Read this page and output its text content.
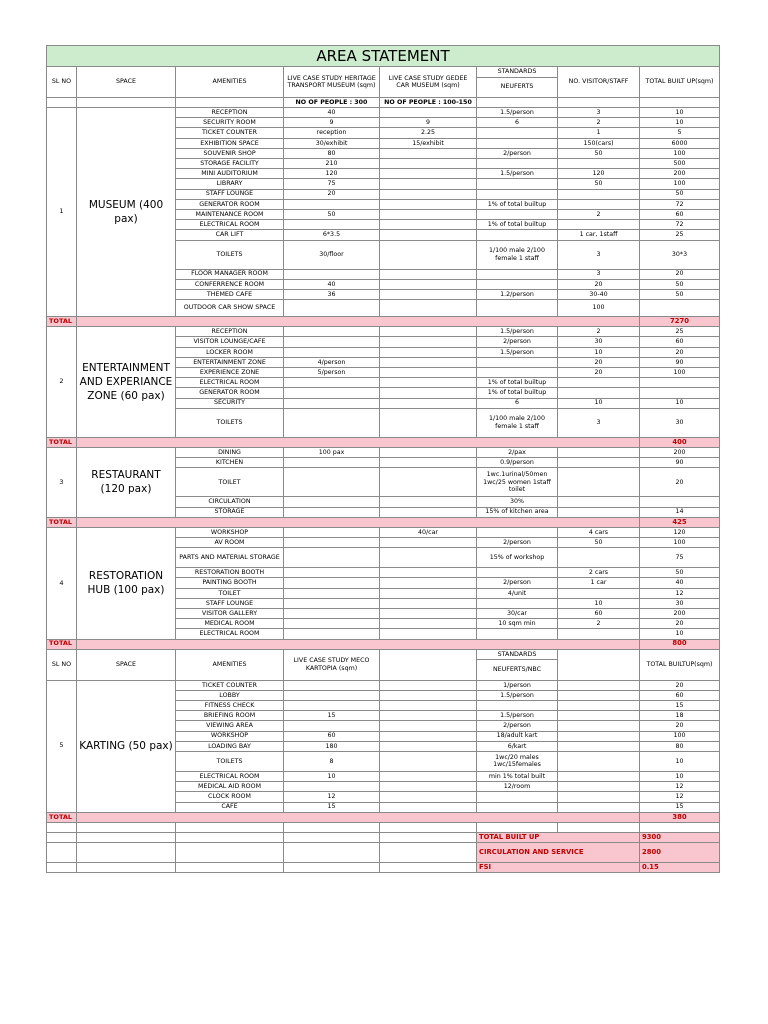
AREA STATEMENT							
SL NO	SPACE	AMENITIES	LIVE CASE STUDY HERITAGE TRANSPORT MUSEUM (sqm)	LIVE CASE STUDY GEDEE CAR MUSEUM (sqm)	STANDARDS	NO. VISITOR/STAFF	TOTAL BUILT UP(sqm)
					NEUFERTS		

			NO OF PEOPLE : 300	NO OF PEOPLE : 100-150			
1	MUSEUM (400 pax)	RECEPTION	40		1.5/person	3	10
		SECURITY ROOM	9	9	6	2	10
		TICKET COUNTER	reception	2.25		1	5
		EXHIBITION SPACE	30/exhibit	15/exhibit		150(cars)	6000
		SOUVENIR SHOP	80		2/person	50	100
		STORAGE FACILITY	210				500
		MINI AUDITORIUM	120		1.5/person	120	200
		LIBRARY	75			50	100
		STAFF LOUNGE	20				50
		GENERATOR ROOM			1% of total builtup		72
		MAINTENANCE ROOM	50			2	60
		ELECTRICAL ROOM			1% of total builtup		72
		CAR LIFT	6*3.5			1 car, 1staff	25
		TOILETS	30/floor		1/100 male 2/100 female 1 staff	3	30*3
		FLOOR MANAGER ROOM				3	20
		CONFERRENCE ROOM	40			20	50
		THEMED CAFE	36		1.2/person	30-40	50
		OUTDOOR CAR SHOW SPACE				100	
TOTAL							7270
2	ENTERTAINMENT AND EXPERIANCE ZONE (60 pax)	RECEPTION			1.5/person	2	25
		VISITOR LOUNGE/CAFE			2/person	30	60
		LOCKER ROOM			1.5/person	10	20
		ENTERTAINMENT ZONE	4/person			20	90
		EXPERIENCE ZONE	5/person			20	100
		ELECTRICAL ROOM			1% of total builtup		
		GENERATOR ROOM			1% of total builtup		
		SECURITY			6	10	10
		TOILETS			1/100 male 2/100 female 1 staff	3	30
TOTAL							400
3	RESTAURANT (120 pax)	DINING	100 pax		2/pax		200
		KITCHEN			0.9/person		90
		TOILET			1wc.1urinal/50men 1wc/25 women 1staff toilet		20
		CIRCULATION			30%		
		STORAGE			15% of kitchen area		14
TOTAL							425
4	RESTORATION HUB (100 pax)	WORKSHOP		40/car		4 cars	120
		AV ROOM			2/person	50	100
		PARTS AND MATERIAL STORAGE			15% of workshop		75
		RESTORATION BOOTH				2 cars	50
		PAINTING BOOTH			2/person	1 car	40
		TOILET			4/unit		12
		STAFF LOUNGE				10	30
		VISITOR GALLERY			30/car	60	200
		MEDICAL ROOM			10 sqm min	2	20
		ELECTRICAL ROOM					10
TOTAL							800
SL NO	SPACE	AMENITIES	LIVE CASE STUDY MECO KARTOPIA (sqm)		STANDARDS		TOTAL BUILTUP(sqm)
					NEUFERTS/NBC		

5	KARTING (50 pax)	TICKET COUNTER			1/person		20
		LOBBY			1.5/person		60
		FITNESS CHECK					15
		BRIEFING ROOM	15		1.5/person		18
		VIEWING AREA			2/person		20
		WORKSHOP	60		18/adult kart		100
		LOADING BAY	180		6/kart		80
		TOILETS	8		1wc/20 males 1wc/15females		10
		ELECTRICAL ROOM	10		min 1% total built		10
		MEDICAL AID ROOM			12/room		12
		CLOCK ROOM	12				12
		CAFE	15				15
TOTAL							380

					TOTAL BUILT UP		9300
					CIRCULATION AND SERVICE		2800
					FSI		0.15
